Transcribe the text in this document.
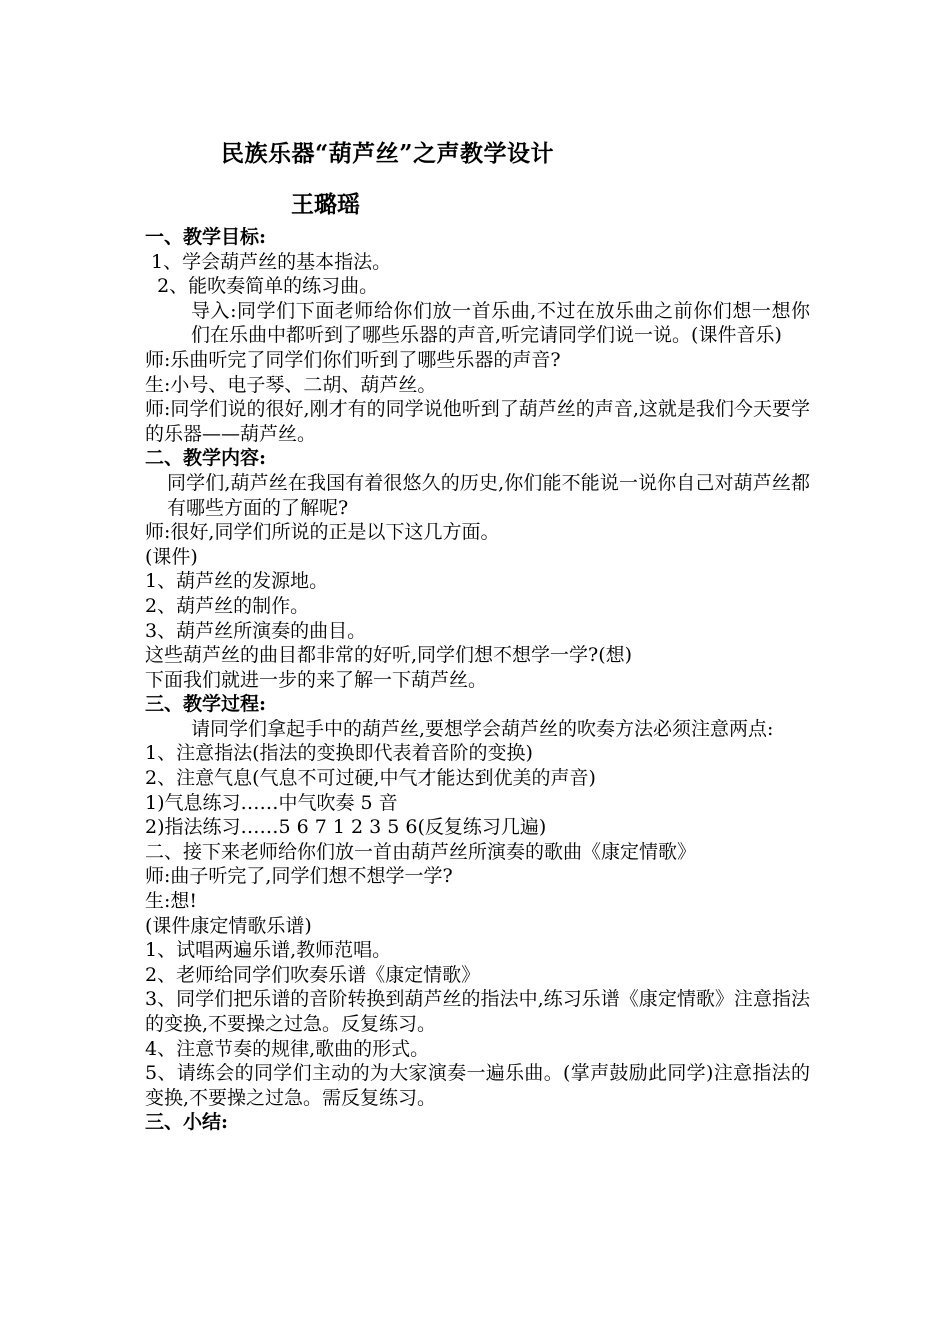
民族乐器“葫芦丝”之声教学设计
王璐瑶
一、教学目标:
1、学会葫芦丝的基本指法。
2、能吹奏简单的练习曲。
导入:同学们下面老师给你们放一首乐曲,不过在放乐曲之前你们想一想你们在乐曲中都听到了哪些乐器的声音,听完请同学们说一说。(课件音乐)
师:乐曲听完了同学们你们听到了哪些乐器的声音?
生:小号、电子琴、二胡、葫芦丝。
师:同学们说的很好,刚才有的同学说他听到了葫芦丝的声音,这就是我们今天要学的乐器——葫芦丝。
二、教学内容:
同学们,葫芦丝在我国有着很悠久的历史,你们能不能说一说你自己对葫芦丝都有哪些方面的了解呢?
师:很好,同学们所说的正是以下这几方面。
(课件)
1、葫芦丝的发源地。
2、葫芦丝的制作。
3、葫芦丝所演奏的曲目。
这些葫芦丝的曲目都非常的好听,同学们想不想学一学?(想)
下面我们就进一步的来了解一下葫芦丝。
三、教学过程:
请同学们拿起手中的葫芦丝,要想学会葫芦丝的吹奏方法必须注意两点:
1、注意指法(指法的变换即代表着音阶的变换)
2、注意气息(气息不可过硬,中气才能达到优美的声音)
1)气息练习……中气吹奏 5 音
2)指法练习……5 6 7 1 2 3 5 6(反复练习几遍)
二、接下来老师给你们放一首由葫芦丝所演奏的歌曲《康定情歌》
师:曲子听完了,同学们想不想学一学?
生:想!
(课件康定情歌乐谱)
1、试唱两遍乐谱,教师范唱。
2、老师给同学们吹奏乐谱《康定情歌》
3、同学们把乐谱的音阶转换到葫芦丝的指法中,练习乐谱《康定情歌》注意指法的变换,不要操之过急。反复练习。
4、注意节奏的规律,歌曲的形式。
5、请练会的同学们主动的为大家演奏一遍乐曲。(掌声鼓励此同学)注意指法的变换,不要操之过急。需反复练习。
三、小结:
